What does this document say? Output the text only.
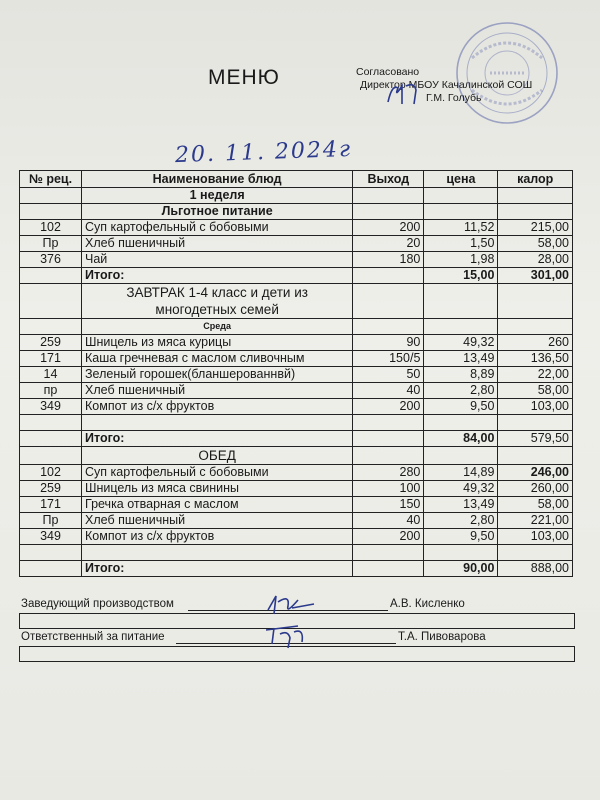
МЕНЮ	Согласовано
Директор МБОУ Качалинской СОШ
Г.М. Голубь
20. 11. 2024г
№ рец.	Наименование блюд	Выход	цена	калор
	1 неделя			
	Льготное питание			
102	Суп картофельный с бобовыми	200	11,52	215,00
Пр	Хлеб пшеничный	20	1,50	58,00
376	Чай	180	1,98	28,00
	Итого:		15,00	301,00
	ЗАВТРАК 1-4 класс и дети из
многодетных семей			
	Среда			
259	Шницель из мяса курицы	90	49,32	260
171	Каша гречневая с маслом сливочным	150/5	13,49	136,50
14	Зеленый горошек(бланшерованнвй)	50	8,89	22,00
пр	Хлеб пшеничный	40	2,80	58,00
349	Компот из с/х фруктов	200	9,50	103,00

	Итого:		84,00	579,50
	ОБЕД			
102	Суп картофельный с бобовыми	280	14,89	246,00
259	Шницель из мяса свинины	100	49,32	260,00
171	Гречка отварная с маслом	150	13,49	58,00
Пр	Хлеб пшеничный	40	2,80	221,00
349	Компот из с/х фруктов	200	9,50	103,00

	Итого:		90,00	888,00
Заведующий производством	А.В. Кисленко
Ответственный за питание	Т.А. Пивоварова
